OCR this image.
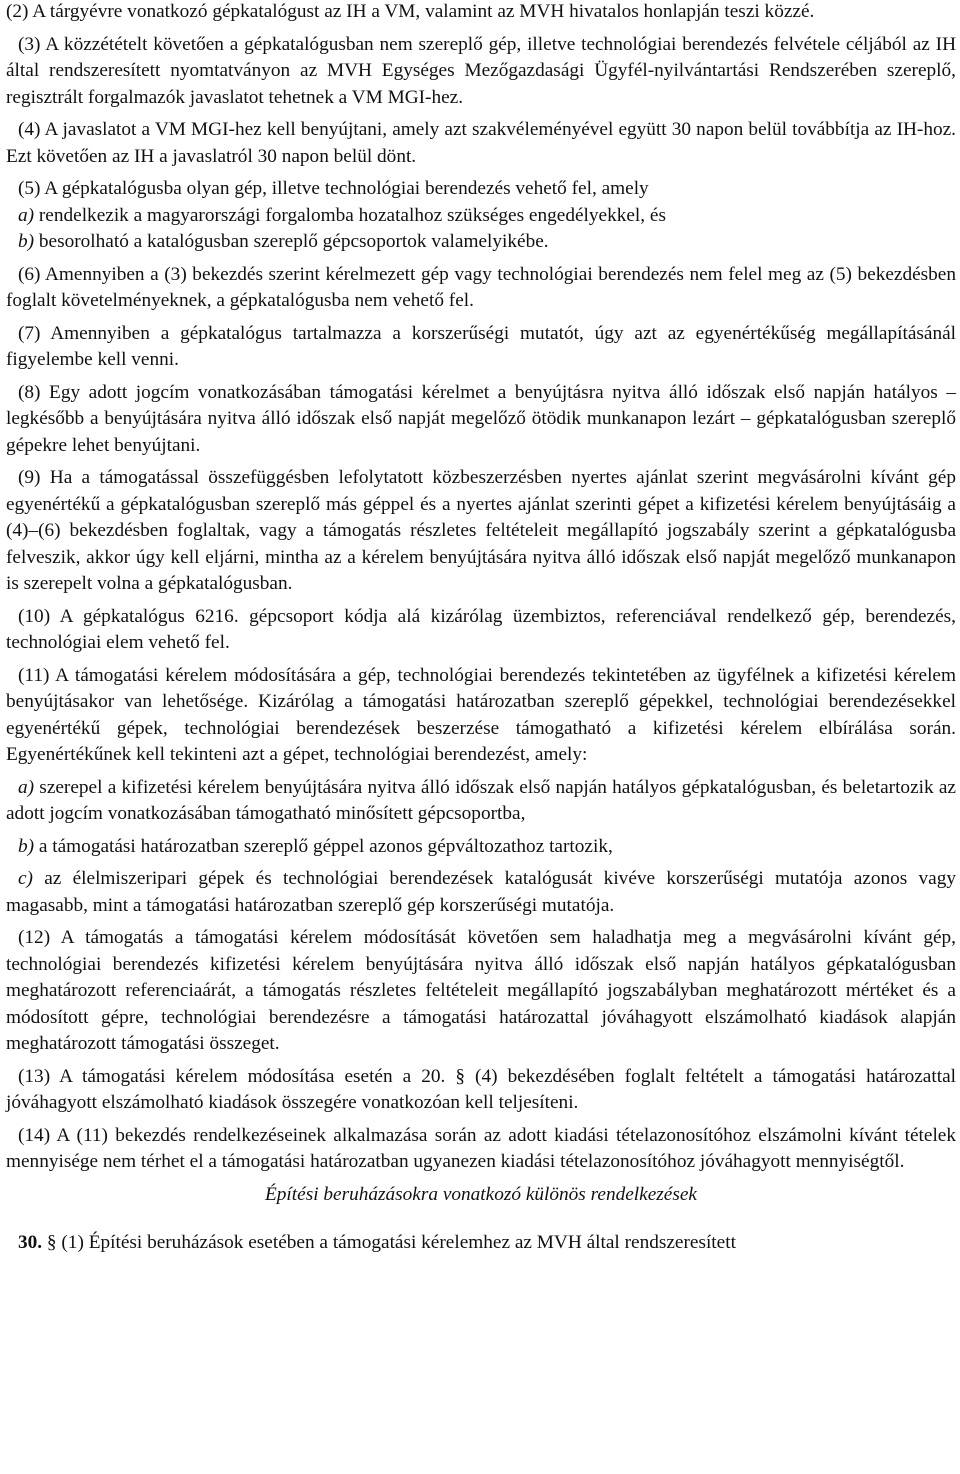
(2) A tárgyévre vonatkozó gépkatalógust az IH a VM, valamint az MVH hivatalos honlapján teszi közzé.

(3) A közzétételt követően a gépkatalógusban nem szereplő gép, illetve technológiai berendezés felvétele céljából az IH által rendszeresített nyomtatványon az MVH Egységes Mezőgazdasági Ügyfél-nyilvántartási Rendszerében szereplő, regisztrált forgalmazók javaslatot tehetnek a VM MGI-hez.

(4) A javaslatot a VM MGI-hez kell benyújtani, amely azt szakvéleményével együtt 30 napon belül továbbítja az IH-hoz. Ezt követően az IH a javaslatról 30 napon belül dönt.

(5) A gépkatalógusba olyan gép, illetve technológiai berendezés vehető fel, amely

a) rendelkezik a magyarországi forgalomba hozatalhoz szükséges engedélyekkel, és

b) besorolható a katalógusban szereplő gépcsoportok valamelyikébe.

(6) Amennyiben a (3) bekezdés szerint kérelmezett gép vagy technológiai berendezés nem felel meg az (5) bekezdésben foglalt követelményeknek, a gépkatalógusba nem vehető fel.

(7) Amennyiben a gépkatalógus tartalmazza a korszerűségi mutatót, úgy azt az egyenértékűség megállapításánál figyelembe kell venni.

(8) Egy adott jogcím vonatkozásában támogatási kérelmet a benyújtásra nyitva álló időszak első napján hatályos – legkésőbb a benyújtására nyitva álló időszak első napját megelőző ötödik munkanapon lezárt – gépkatalógusban szereplő gépekre lehet benyújtani.

(9) Ha a támogatással összefüggésben lefolytatott közbeszerzésben nyertes ajánlat szerint megvásárolni kívánt gép egyenértékű a gépkatalógusban szereplő más géppel és a nyertes ajánlat szerinti gépet a kifizetési kérelem benyújtásáig a (4)–(6) bekezdésben foglaltak, vagy a támogatás részletes feltételeit megállapító jogszabály szerint a gépkatalógusba felveszik, akkor úgy kell eljárni, mintha az a kérelem benyújtására nyitva álló időszak első napját megelőző munkanapon is szerepelt volna a gépkatalógusban.

(10) A gépkatalógus 6216. gépcsoport kódja alá kizárólag üzembiztos, referenciával rendelkező gép, berendezés, technológiai elem vehető fel.

(11) A támogatási kérelem módosítására a gép, technológiai berendezés tekintetében az ügyfélnek a kifizetési kérelem benyújtásakor van lehetősége. Kizárólag a támogatási határozatban szereplő gépekkel, technológiai berendezésekkel egyenértékű gépek, technológiai berendezések beszerzése támogatható a kifizetési kérelem elbírálása során. Egyenértékűnek kell tekinteni azt a gépet, technológiai berendezést, amely:

a) szerepel a kifizetési kérelem benyújtására nyitva álló időszak első napján hatályos gépkatalógusban, és beletartozik az adott jogcím vonatkozásában támogatható minősített gépcsoportba,

b) a támogatási határozatban szereplő géppel azonos gépváltozathoz tartozik,

c) az élelmiszeripari gépek és technológiai berendezések katalógusát kivéve korszerűségi mutatója azonos vagy magasabb, mint a támogatási határozatban szereplő gép korszerűségi mutatója.

(12) A támogatás a támogatási kérelem módosítását követően sem haladhatja meg a megvásárolni kívánt gép, technológiai berendezés kifizetési kérelem benyújtására nyitva álló időszak első napján hatályos gépkatalógusban meghatározott referenciaárát, a támogatás részletes feltételeit megállapító jogszabályban meghatározott mértéket és a módosított gépre, technológiai berendezésre a támogatási határozattal jóváhagyott elszámolható kiadások alapján meghatározott támogatási összeget.

(13) A támogatási kérelem módosítása esetén a 20. § (4) bekezdésében foglalt feltételt a támogatási határozattal jóváhagyott elszámolható kiadások összegére vonatkozóan kell teljesíteni.

(14) A (11) bekezdés rendelkezéseinek alkalmazása során az adott kiadási tételazonosítóhoz elszámolni kívánt tételek mennyisége nem térhet el a támogatási határozatban ugyanezen kiadási tételazonosítóhoz jóváhagyott mennyiségtől.

Építési beruházásokra vonatkozó különös rendelkezések

30. § (1) Építési beruházások esetében a támogatási kérelemhez az MVH által rendszeresített
